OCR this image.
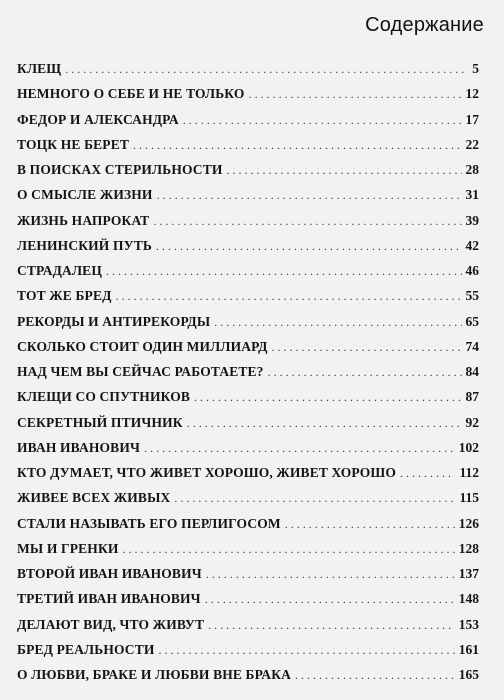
Содержание
КЛЕЩ . . .	5
НЕМНОГО О СЕБЕ И НЕ ТОЛЬКО . . .	12
ФЕДОР И АЛЕКСАНДРА . . .	17
ТОЦК НЕ БЕРЕТ . . .	22
В ПОИСКАХ СТЕРИЛЬНОСТИ . . .	28
О СМЫСЛЕ ЖИЗНИ . . .	31
ЖИЗНЬ НАПРОКАТ . . .	39
ЛЕНИНСКИЙ ПУТЬ . . .	42
СТРАДАЛЕЦ . . .	46
ТОТ ЖЕ БРЕД . . .	55
РЕКОРДЫ И АНТИРЕКОРДЫ . . .	65
СКОЛЬКО СТОИТ ОДИН МИЛЛИАРД . . .	74
НАД ЧЕМ ВЫ СЕЙЧАС РАБОТАЕТЕ? . . .	84
КЛЕЩИ СО СПУТНИКОВ . . .	87
СЕКРЕТНЫЙ ПТИЧНИК . . .	92
ИВАН ИВАНОВИЧ . . .	102
КТО ДУМАЕТ, ЧТО ЖИВЕТ ХОРОШО, ЖИВЕТ ХОРОШО . . .	112
ЖИВЕЕ ВСЕХ ЖИВЫХ . . .	115
СТАЛИ НАЗЫВАТЬ ЕГО ПЕРЛИГОСОМ . . .	126
МЫ И ГРЕНКИ . . .	128
ВТОРОЙ ИВАН ИВАНОВИЧ . . .	137
ТРЕТИЙ ИВАН ИВАНОВИЧ . . .	148
ДЕЛАЮТ ВИД, ЧТО ЖИВУТ . . .	153
БРЕД РЕАЛЬНОСТИ . . .	161
О ЛЮБВИ, БРАКЕ И ЛЮБВИ ВНЕ БРАКА . . .	165
